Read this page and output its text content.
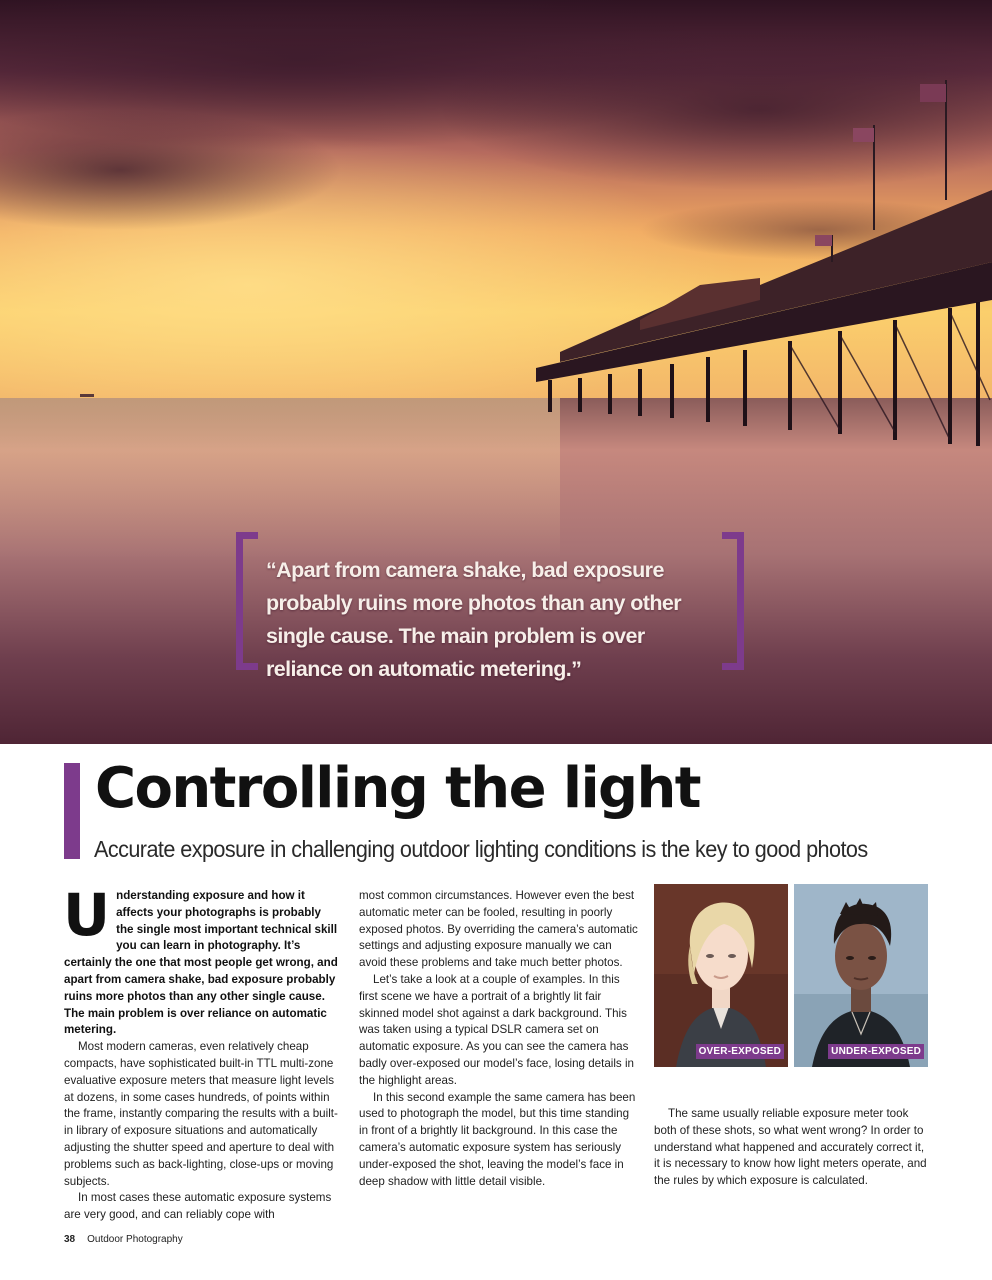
“Apart from camera shake, bad exposure probably ruins more photos than any other single cause. The main problem is over reliance on automatic metering.”
Controlling the light

Accurate exposure in challenging outdoor lighting conditions is the key to good photos

Understanding exposure and how it affects your photographs is probably the single most important technical skill you can learn in photography. It’s certainly the one that most people get wrong, and apart from camera shake, bad exposure probably ruins more photos than any other single cause. The main problem is over reliance on automatic metering.

Most modern cameras, even relatively cheap compacts, have sophisticated built-in TTL multi-zone evaluative exposure meters that measure light levels at dozens, in some cases hundreds, of points within the frame, instantly comparing the results with a built-in library of exposure situations and automatically adjusting the shutter speed and aperture to deal with problems such as back-lighting, close-ups or moving subjects.

In most cases these automatic exposure systems are very good, and can reliably cope with

most common circumstances. However even the best automatic meter can be fooled, resulting in poorly exposed photos. By overriding the camera’s automatic settings and adjusting exposure manually we can avoid these problems and take much better photos.

Let’s take a look at a couple of examples. In this first scene we have a portrait of a brightly lit fair skinned model shot against a dark background. This was taken using a typical DSLR camera set on automatic exposure. As you can see the camera has badly over-exposed our model’s face, losing details in the highlight areas.

In this second example the same camera has been used to photograph the model, but this time standing in front of a brightly lit background. In this case the camera’s automatic exposure system has seriously under-exposed the shot, leaving the model’s face in deep shadow with little detail visible.

OVER-EXPOSED	UNDER-EXPOSED

The same usually reliable exposure meter took both of these shots, so what went wrong? In order to understand what happened and accurately correct it, it is necessary to know how light meters operate, and the rules by which exposure is calculated.

38 Outdoor Photography
